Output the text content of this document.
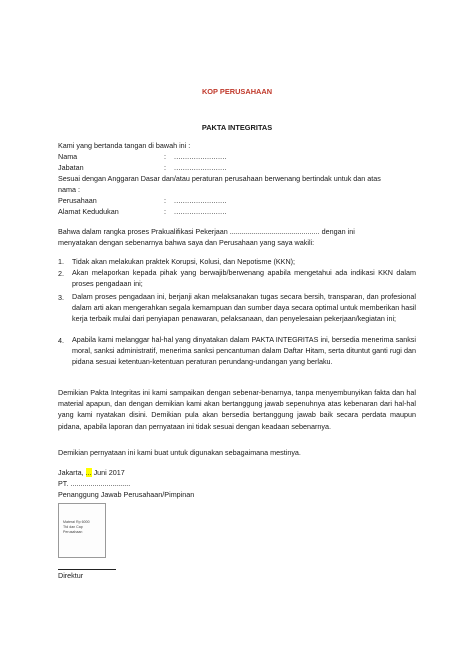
KOP PERUSAHAAN
PAKTA INTEGRITAS
Kami yang bertanda tangan di bawah ini :
Nama	: ........................
Jabatan	: ........................
Sesuai dengan Anggaran Dasar dan/atau peraturan perusahaan berwenang bertindak untuk dan atas
nama :
Perusahaan	: ........................
Alamat Kedudukan	: ........................
Bahwa dalam rangka proses Prakualifikasi Pekerjaan ............................................. dengan ini
menyatakan dengan sebenarnya bahwa saya dan Perusahaan yang saya wakili:
1. Tidak akan melakukan praktek Korupsi, Kolusi, dan Nepotisme (KKN);
2. Akan melaporkan kepada pihak yang berwajib/berwenang apabila mengetahui ada indikasi KKN dalam proses pengadaan ini;
3. Dalam proses pengadaan ini, berjanji akan melaksanakan tugas secara bersih, transparan, dan profesional dalam arti akan mengerahkan segala kemampuan dan sumber daya secara optimal untuk memberikan hasil kerja terbaik mulai dari penyiapan penawaran, pelaksanaan, dan penyelesaian pekerjaan/kegiatan ini;
4. Apabila kami melanggar hal-hal yang dinyatakan dalam PAKTA INTEGRITAS ini, bersedia menerima sanksi moral, sanksi administratif, menerima sanksi pencantuman dalam Daftar Hitam, serta dituntut ganti rugi dan pidana sesuai ketentuan-ketentuan peraturan perundang-undangan yang berlaku.
Demikian Pakta Integritas ini kami sampaikan dengan sebenar-benarnya, tanpa menyembunyikan fakta dan hal material apapun, dan dengan demikian kami akan bertanggung jawab sepenuhnya atas kebenaran dari hal-hal yang kami nyatakan disini. Demikian pula akan bersedia bertanggung jawab baik secara perdata maupun pidana, apabila laporan dan pernyataan ini tidak sesuai dengan keadaan sebenarnya.
Demikian pernyataan ini kami buat untuk digunakan sebagaimana mestinya.
Jakarta, ... Juni 2017
PT. ..............................
Penanggung Jawab Perusahaan/Pimpinan
Materai Rp 6000
Ttd dan Cap
Perusahaan
Direktur
